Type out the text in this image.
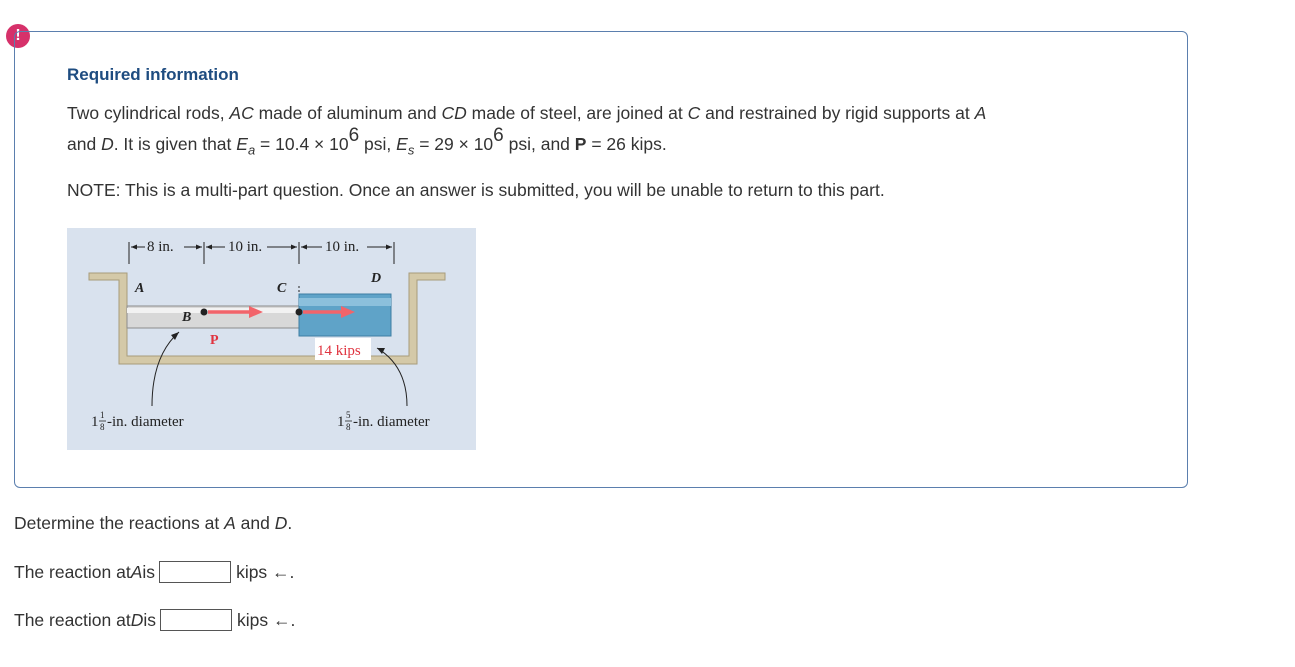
!
Required information
Two cylindrical rods, AC made of aluminum and CD made of steel, are joined at C and restrained by rigid supports at A
and D. It is given that $E_a = 10.4 \times 10^6$ psi, $E_s = 29 \times 10^6$ psi, and P = 26 kips.
NOTE: This is a multi-part question. Once an answer is submitted, you will be unable to return to this part.
8 in.	10 in.	10 in.
A	C
D
B
P
14 kips
1 1
8 -in. diameter	1 5
8 -in. diameter
Determine the reactions at A and D.
The reaction at A is	kips ←.
The reaction at D is	kips ←.
